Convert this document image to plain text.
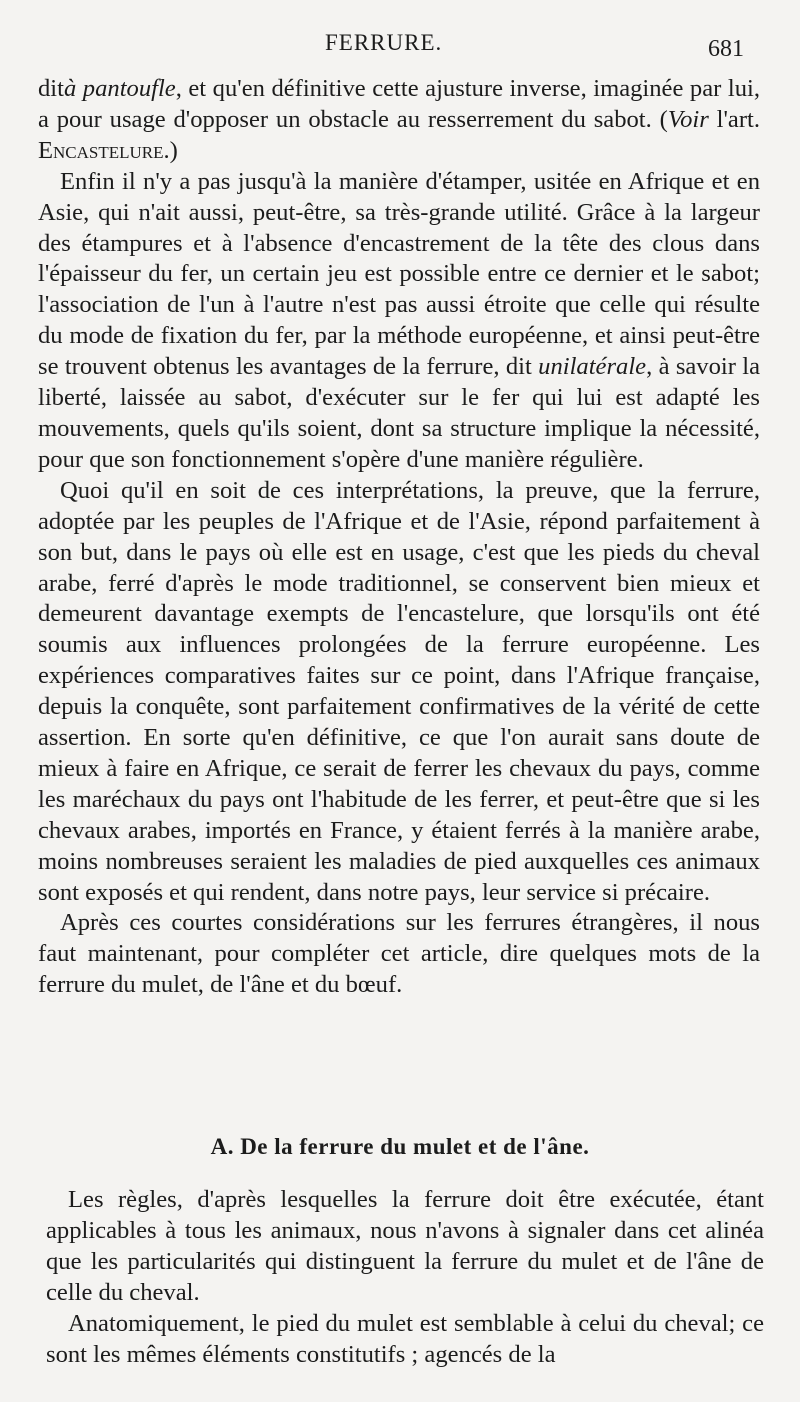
FERRURE.	681

dità pantoufle, et qu'en définitive cette ajusture inverse, imaginée par lui, a pour usage d'opposer un obstacle au resserrement du sabot. (Voir l'art. Encastelure.)

Enfin il n'y a pas jusqu'à la manière d'étamper, usitée en Afrique et en Asie, qui n'ait aussi, peut-être, sa très-grande utilité. Grâce à la largeur des étampures et à l'absence d'encastrement de la tête des clous dans l'épaisseur du fer, un certain jeu est possible entre ce dernier et le sabot; l'association de l'un à l'autre n'est pas aussi étroite que celle qui résulte du mode de fixation du fer, par la méthode européenne, et ainsi peut-être se trouvent obtenus les avantages de la ferrure, dit unilatérale, à savoir la liberté, laissée au sabot, d'exécuter sur le fer qui lui est adapté les mouvements, quels qu'ils soient, dont sa structure implique la nécessité, pour que son fonctionnement s'opère d'une manière régulière.

Quoi qu'il en soit de ces interprétations, la preuve, que la ferrure, adoptée par les peuples de l'Afrique et de l'Asie, répond parfaitement à son but, dans le pays où elle est en usage, c'est que les pieds du cheval arabe, ferré d'après le mode traditionnel, se conservent bien mieux et demeurent davantage exempts de l'encastelure, que lorsqu'ils ont été soumis aux influences prolongées de la ferrure européenne. Les expériences comparatives faites sur ce point, dans l'Afrique française, depuis la conquête, sont parfaitement confirmatives de la vérité de cette assertion. En sorte qu'en définitive, ce que l'on aurait sans doute de mieux à faire en Afrique, ce serait de ferrer les chevaux du pays, comme les maréchaux du pays ont l'habitude de les ferrer, et peut-être que si les chevaux arabes, importés en France, y étaient ferrés à la manière arabe, moins nombreuses seraient les maladies de pied auxquelles ces animaux sont exposés et qui rendent, dans notre pays, leur service si précaire.

Après ces courtes considérations sur les ferrures étrangères, il nous faut maintenant, pour compléter cet article, dire quelques mots de la ferrure du mulet, de l'âne et du bœuf.

A. De la ferrure du mulet et de l'âne.

Les règles, d'après lesquelles la ferrure doit être exécutée, étant applicables à tous les animaux, nous n'avons à signaler dans cet alinéa que les particularités qui distinguent la ferrure du mulet et de l'âne de celle du cheval.

Anatomiquement, le pied du mulet est semblable à celui du cheval; ce sont les mêmes éléments constitutifs ; agencés de la
